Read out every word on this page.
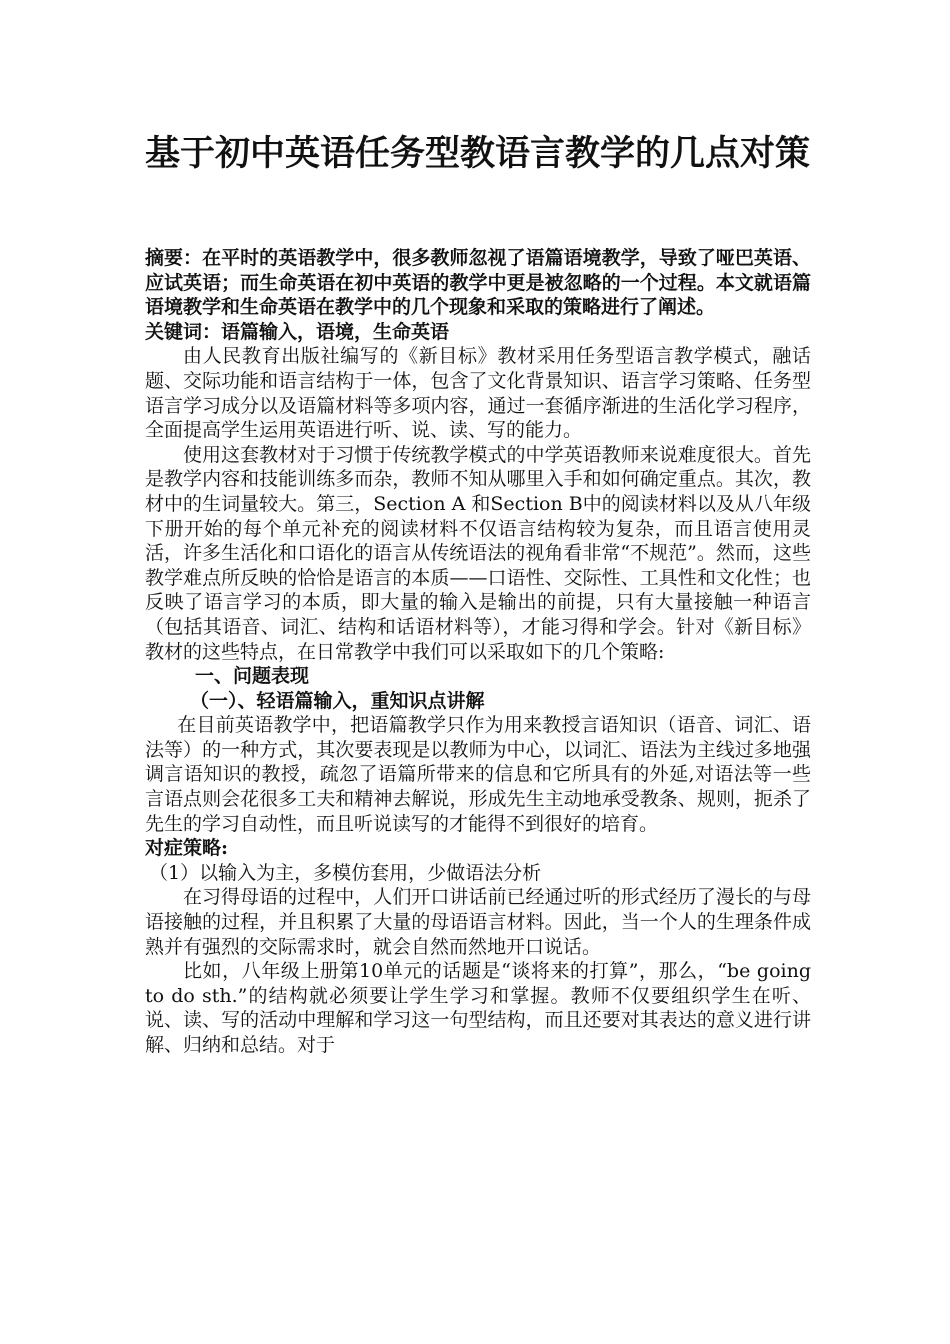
基于初中英语任务型教语言教学的几点对策

摘要：在平时的英语教学中，很多教师忽视了语篇语境教学，导致了哑巴英语、应试英语；而生命英语在初中英语的教学中更是被忽略的一个过程。本文就语篇语境教学和生命英语在教学中的几个现象和采取的策略进行了阐述。

关键词：语篇输入，语境，生命英语

由人民教育出版社编写的《新目标》教材采用任务型语言教学模式，融话题、交际功能和语言结构于一体，包含了文化背景知识、语言学习策略、任务型语言学习成分以及语篇材料等多项内容，通过一套循序渐进的生活化学习程序，全面提高学生运用英语进行听、说、读、写的能力。

使用这套教材对于习惯于传统教学模式的中学英语教师来说难度很大。首先是教学内容和技能训练多而杂，教师不知从哪里入手和如何确定重点。其次，教材中的生词量较大。第三，Section A 和Section B中的阅读材料以及从八年级下册开始的每个单元补充的阅读材料不仅语言结构较为复杂，而且语言使用灵活，许多生活化和口语化的语言从传统语法的视角看非常“不规范”。然而，这些教学难点所反映的恰恰是语言的本质——口语性、交际性、工具性和文化性；也反映了语言学习的本质，即大量的输入是输出的前提，只有大量接触一种语言（包括其语音、词汇、结构和话语材料等），才能习得和学会。针对《新目标》教材的这些特点，在日常教学中我们可以采取如下的几个策略:

一、问题表现

（一）、轻语篇输入，重知识点讲解

在目前英语教学中，把语篇教学只作为用来教授言语知识（语音、词汇、语法等）的一种方式，其次要表现是以教师为中心，以词汇、语法为主线过多地强调言语知识的教授，疏忽了语篇所带来的信息和它所具有的外延,对语法等一些言语点则会花很多工夫和精神去解说，形成先生主动地承受教条、规则，扼杀了先生的学习自动性，而且听说读写的才能得不到很好的培育。

对症策略:

（1）以输入为主，多模仿套用，少做语法分析

在习得母语的过程中，人们开口讲话前已经通过听的形式经历了漫长的与母语接触的过程，并且积累了大量的母语语言材料。因此，当一个人的生理条件成熟并有强烈的交际需求时，就会自然而然地开口说话。

比如，八年级上册第10单元的话题是“谈将来的打算”，那么，“be going to do sth.”的结构就必须要让学生学习和掌握。教师不仅要组织学生在听、说、读、写的活动中理解和学习这一句型结构，而且还要对其表达的意义进行讲解、归纳和总结。对于
